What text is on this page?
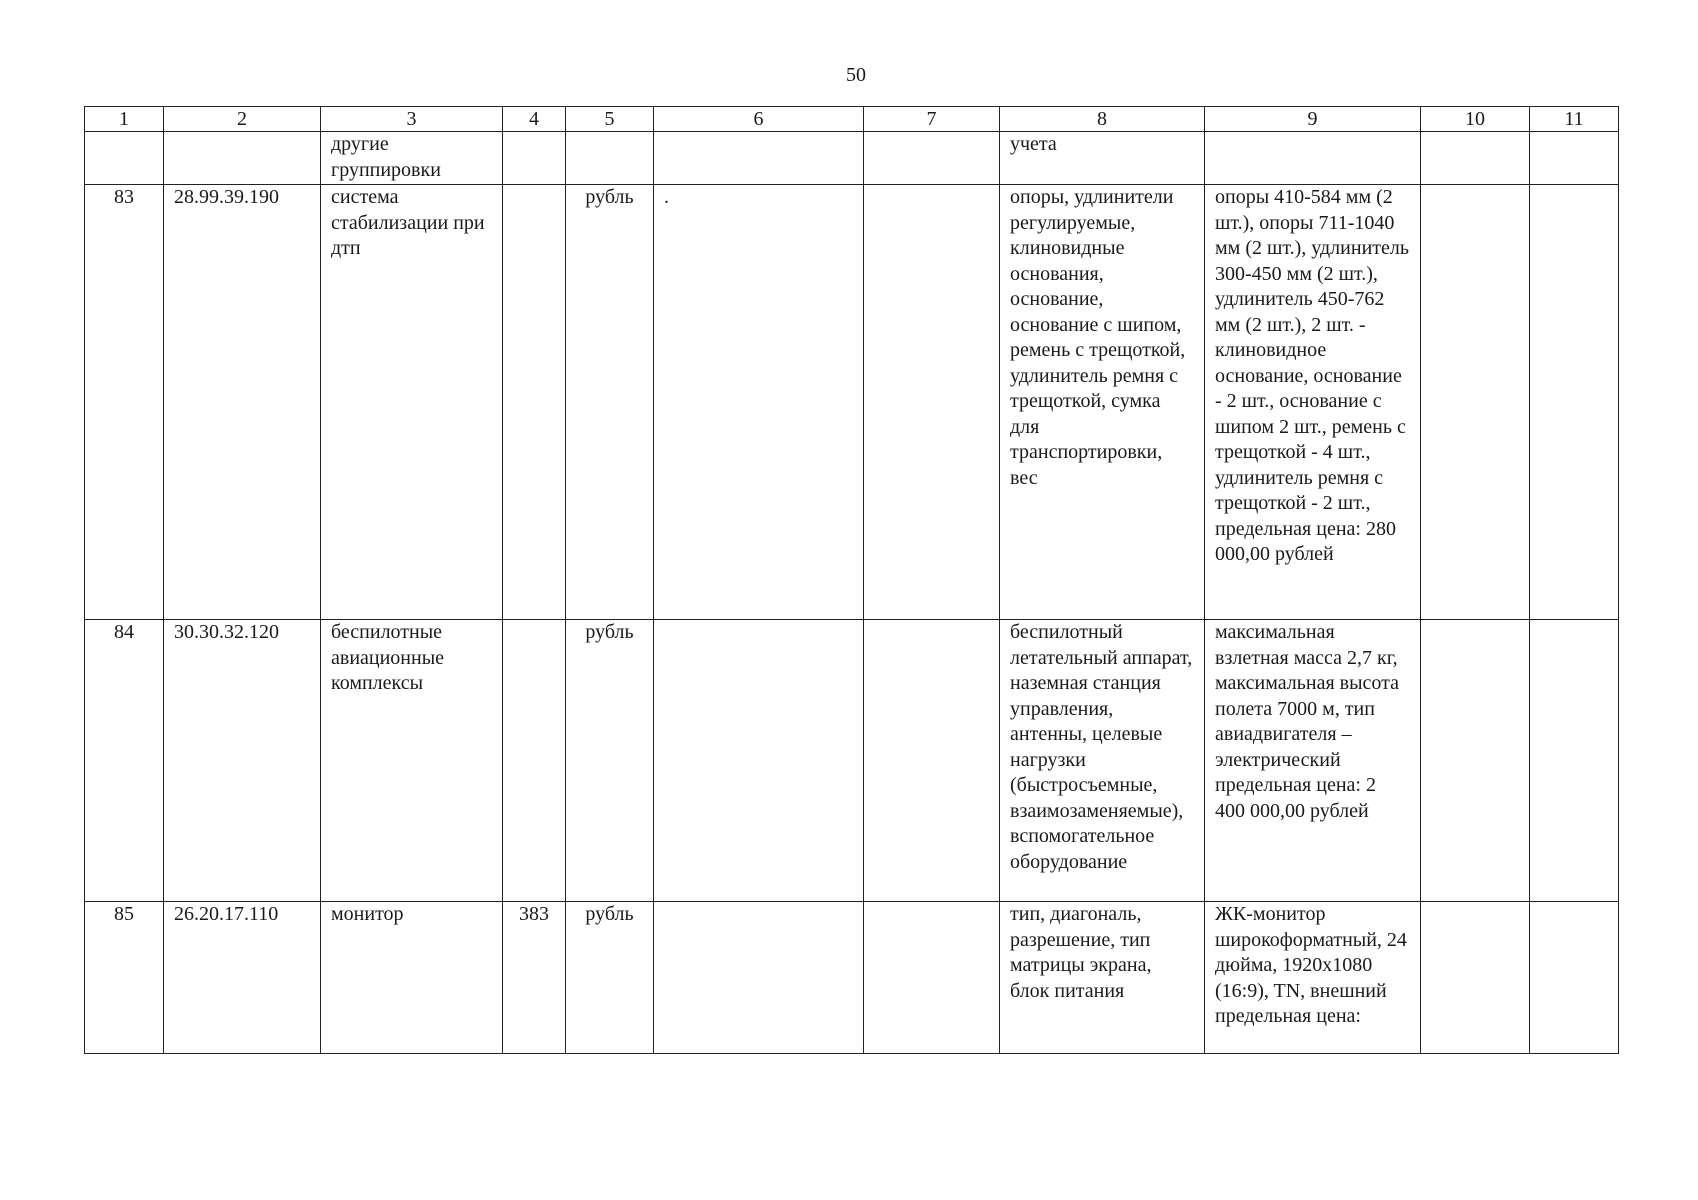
50
1	2	3	4	5	6	7	8	9	10	11

		другие группировки					учета			

83	28.99.39.190	система стабилизации при дтп		рубль	.		опоры, удлинители регулируемые, клиновидные основания, основание, основание с шипом, ремень с трещоткой, удлинитель ремня с трещоткой, сумка для транспортировки, вес	опоры 410-584 мм (2 шт.), опоры 711-1040 мм (2 шт.), удлинитель 300-450 мм (2 шт.), удлинитель 450-762 мм (2 шт.), 2 шт. - клиновидное основание, основание - 2 шт., основание с шипом 2 шт., ремень с трещоткой - 4 шт., удлинитель ремня с трещоткой - 2 шт., предельная цена: 280 000,00 рублей		

84	30.30.32.120	беспилотные авиационные комплексы		рубль			беспилотный летательный аппарат, наземная станция управления, антенны, целевые нагрузки (быстросъемные, взаимозаменяемые), вспомогательное оборудование	максимальная взлетная масса 2,7 кг, максимальная высота полета 7000 м, тип авиадвигателя – электрический предельная цена: 2 400 000,00 рублей		

85	26.20.17.110	монитор	383	рубль			тип, диагональ, разрешение, тип матрицы экрана, блок питания	ЖК-монитор широкоформатный, 24 дюйма, 1920x1080 (16:9), TN, внешний предельная цена:		
